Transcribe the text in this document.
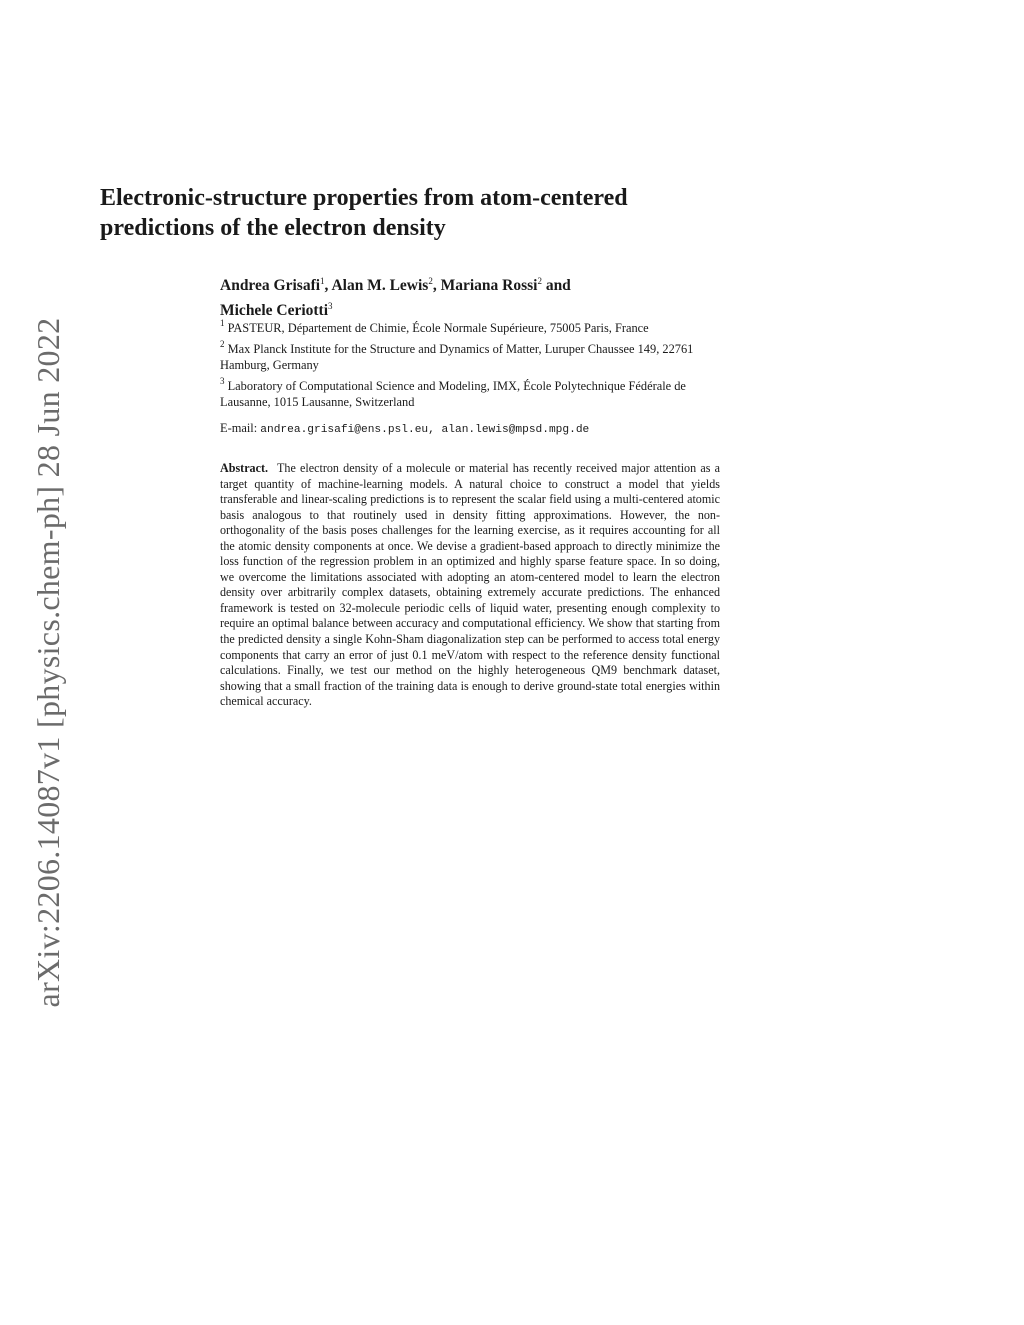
arXiv:2206.14087v1 [physics.chem-ph] 28 Jun 2022
Electronic-structure properties from atom-centered predictions of the electron density

Andrea Grisafi$^1$, Alan M. Lewis$^2$, Mariana Rossi$^2$ and
Michele Ceriotti$^3$

$^1$ PASTEUR, Département de Chimie, École Normale Supérieure, 75005 Paris, France

$^2$ Max Planck Institute for the Structure and Dynamics of Matter, Luruper Chaussee 149, 22761 Hamburg, Germany

$^3$ Laboratory of Computational Science and Modeling, IMX, École Polytechnique Fédérale de Lausanne, 1015 Lausanne, Switzerland

E-mail: andrea.grisafi@ens.psl.eu, alan.lewis@mpsd.mpg.de

Abstract. The electron density of a molecule or material has recently received major attention as a target quantity of machine-learning models. A natural choice to construct a model that yields transferable and linear-scaling predictions is to represent the scalar field using a multi-centered atomic basis analogous to that routinely used in density fitting approximations. However, the non-orthogonality of the basis poses challenges for the learning exercise, as it requires accounting for all the atomic density components at once. We devise a gradient-based approach to directly minimize the loss function of the regression problem in an optimized and highly sparse feature space. In so doing, we overcome the limitations associated with adopting an atom-centered model to learn the electron density over arbitrarily complex datasets, obtaining extremely accurate predictions. The enhanced framework is tested on 32-molecule periodic cells of liquid water, presenting enough complexity to require an optimal balance between accuracy and computational efficiency. We show that starting from the predicted density a single Kohn-Sham diagonalization step can be performed to access total energy components that carry an error of just 0.1 meV/atom with respect to the reference density functional calculations. Finally, we test our method on the highly heterogeneous QM9 benchmark dataset, showing that a small fraction of the training data is enough to derive ground-state total energies within chemical accuracy.
